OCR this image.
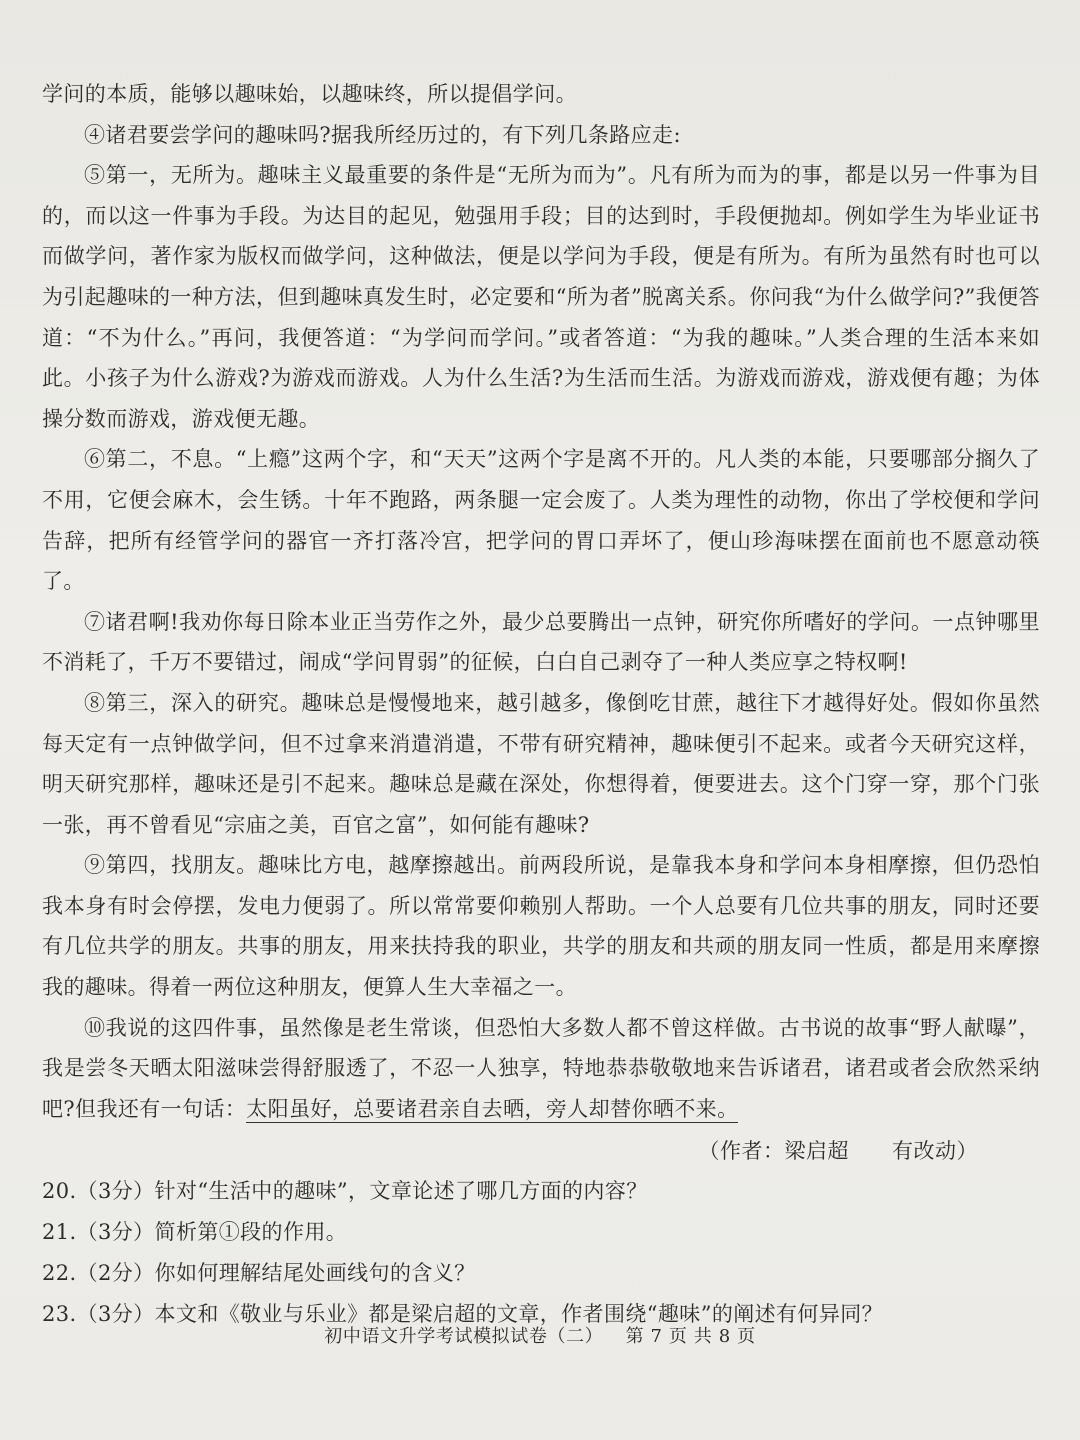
学问的本质，能够以趣味始，以趣味终，所以提倡学问。

④诸君要尝学问的趣味吗?据我所经历过的，有下列几条路应走:

⑤第一，无所为。趣味主义最重要的条件是“无所为而为”。凡有所为而为的事，都是以另一件事为目的，而以这一件事为手段。为达目的起见，勉强用手段；目的达到时，手段便抛却。例如学生为毕业证书而做学问，著作家为版权而做学问，这种做法，便是以学问为手段，便是有所为。有所为虽然有时也可以为引起趣味的一种方法，但到趣味真发生时，必定要和“所为者”脱离关系。你问我“为什么做学问?”我便答道：“不为什么。”再问，我便答道：“为学问而学问。”或者答道：“为我的趣味。”人类合理的生活本来如此。小孩子为什么游戏?为游戏而游戏。人为什么生活?为生活而生活。为游戏而游戏，游戏便有趣；为体操分数而游戏，游戏便无趣。

⑥第二，不息。“上瘾”这两个字，和“天天”这两个字是离不开的。凡人类的本能，只要哪部分搁久了不用，它便会麻木，会生锈。十年不跑路，两条腿一定会废了。人类为理性的动物，你出了学校便和学问告辞，把所有经管学问的器官一齐打落冷宫，把学问的胃口弄坏了，便山珍海味摆在面前也不愿意动筷了。

⑦诸君啊!我劝你每日除本业正当劳作之外，最少总要腾出一点钟，研究你所嗜好的学问。一点钟哪里不消耗了，千万不要错过，闹成“学问胃弱”的征候，白白自己剥夺了一种人类应享之特权啊!

⑧第三，深入的研究。趣味总是慢慢地来，越引越多，像倒吃甘蔗，越往下才越得好处。假如你虽然每天定有一点钟做学问，但不过拿来消遣消遣，不带有研究精神，趣味便引不起来。或者今天研究这样，明天研究那样，趣味还是引不起来。趣味总是藏在深处，你想得着，便要进去。这个门穿一穿，那个门张一张，再不曾看见“宗庙之美，百官之富”，如何能有趣味?

⑨第四，找朋友。趣味比方电，越摩擦越出。前两段所说，是靠我本身和学问本身相摩擦，但仍恐怕我本身有时会停摆，发电力便弱了。所以常常要仰赖别人帮助。一个人总要有几位共事的朋友，同时还要有几位共学的朋友。共事的朋友，用来扶持我的职业，共学的朋友和共顽的朋友同一性质，都是用来摩擦我的趣味。得着一两位这种朋友，便算人生大幸福之一。

⑩我说的这四件事，虽然像是老生常谈，但恐怕大多数人都不曾这样做。古书说的故事“野人献曝”，我是尝冬天晒太阳滋味尝得舒服透了，不忍一人独享，特地恭恭敬敬地来告诉诸君，诸君或者会欣然采纳吧?但我还有一句话：太阳虽好，总要诸君亲自去晒，旁人却替你晒不来。

（作者：梁启超　　有改动）

20.（3分）针对“生活中的趣味”，文章论述了哪几方面的内容？

21.（3分）简析第①段的作用。

22.（2分）你如何理解结尾处画线句的含义？

23.（3分）本文和《敬业与乐业》都是梁启超的文章，作者围绕“趣味”的阐述有何异同？

初中语文升学考试模拟试卷（二） 第 7 页 共 8 页
